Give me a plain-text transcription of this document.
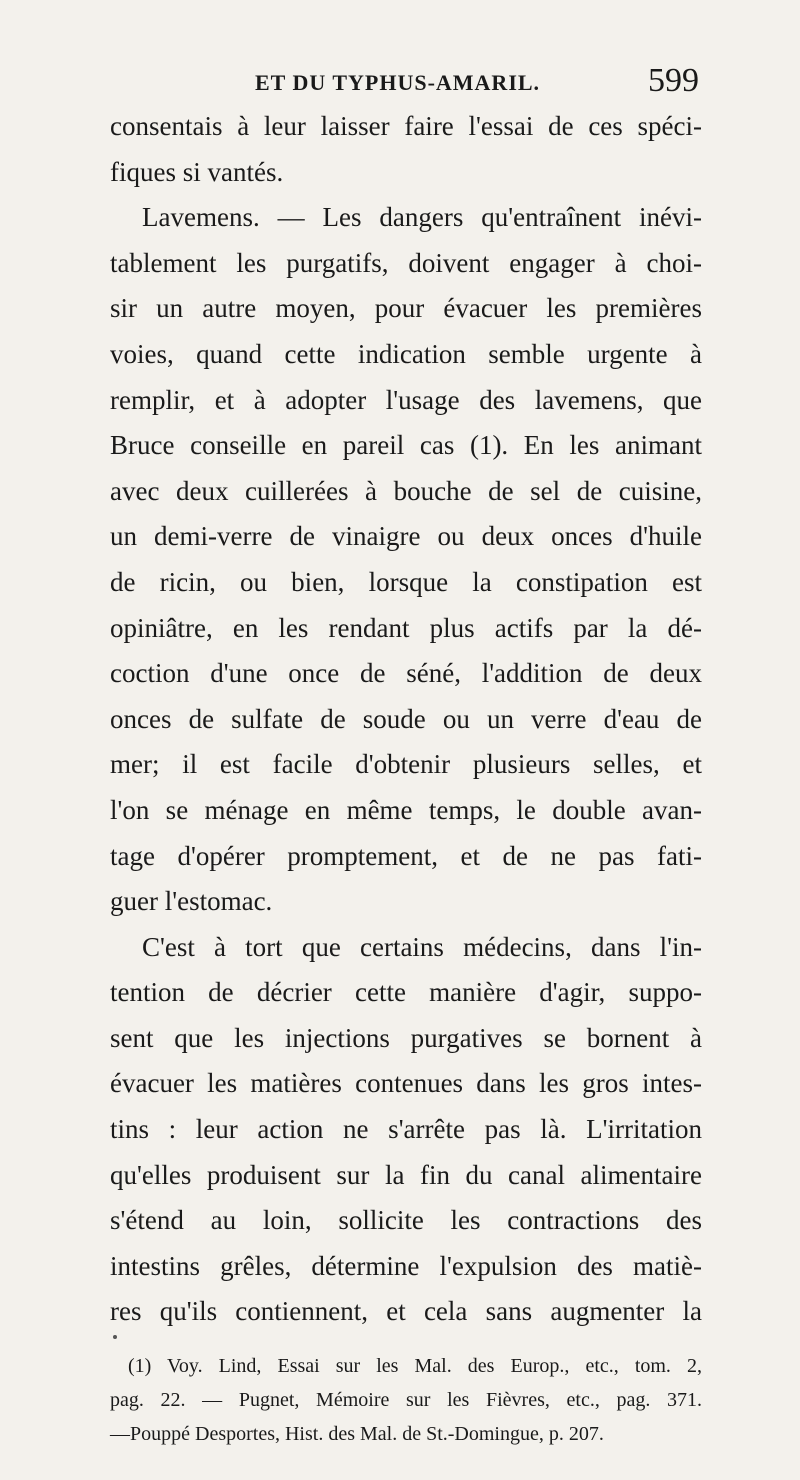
ET DU TYPHUS-AMARIL.	599
consentais à leur laisser faire l'essai de ces spéci-
fiques si vantés.
Lavemens. — Les dangers qu'entraînent inévi-
tablement les purgatifs, doivent engager à choi-
sir un autre moyen, pour évacuer les premières
voies, quand cette indication semble urgente à
remplir, et à adopter l'usage des lavemens, que
Bruce conseille en pareil cas (1). En les animant
avec deux cuillerées à bouche de sel de cuisine,
un demi-verre de vinaigre ou deux onces d'huile
de ricin, ou bien, lorsque la constipation est
opiniâtre, en les rendant plus actifs par la dé-
coction d'une once de séné, l'addition de deux
onces de sulfate de soude ou un verre d'eau de
mer; il est facile d'obtenir plusieurs selles, et
l'on se ménage en même temps, le double avan-
tage d'opérer promptement, et de ne pas fati-
guer l'estomac.
C'est à tort que certains médecins, dans l'in-
tention de décrier cette manière d'agir, suppo-
sent que les injections purgatives se bornent à
évacuer les matières contenues dans les gros intes-
tins : leur action ne s'arrête pas là. L'irritation
qu'elles produisent sur la fin du canal alimentaire
s'étend au loin, sollicite les contractions des
intestins grêles, détermine l'expulsion des matiè-
res qu'ils contiennent, et cela sans augmenter la
(1) Voy. Lind, Essai sur les Mal. des Europ., etc., tom. 2,
pag. 22. — Pugnet, Mémoire sur les Fièvres, etc., pag. 371.
—Pouppé Desportes, Hist. des Mal. de St.-Domingue, p. 207.
